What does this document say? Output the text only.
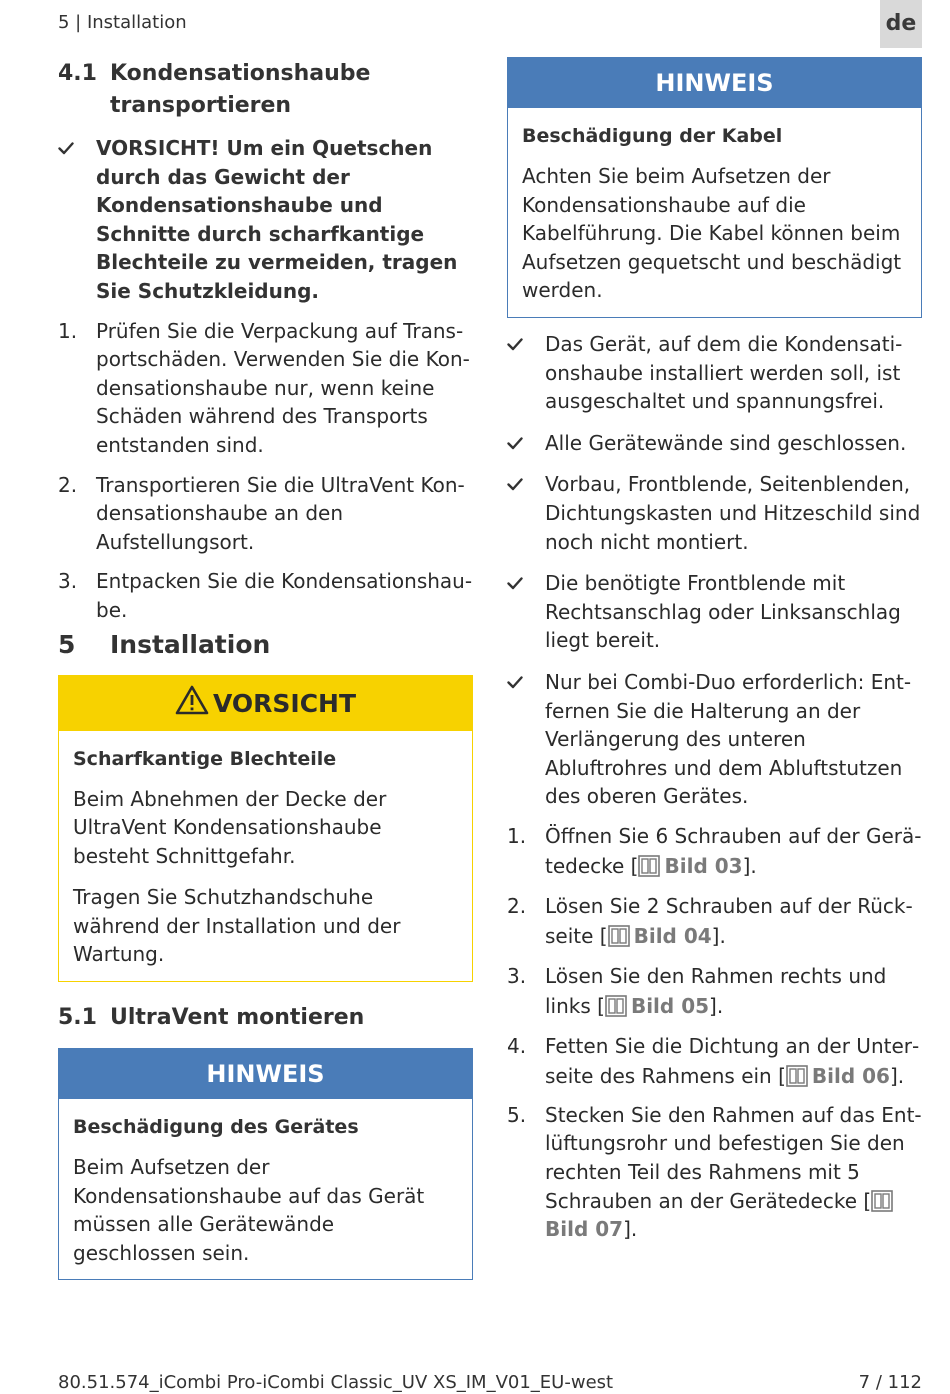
5 | Installation	de
4.1 Kondensationshaube transportieren
VORSICHT! Um ein Quetschen durch das Gewicht der Kondensationshaube und Schnitte durch scharfkantige Blechteile zu vermeiden, tragen Sie Schutzkleidung.
1. Prüfen Sie die Verpackung auf Transportschäden. Verwenden Sie die Kondensationshaube nur, wenn keine Schäden während des Transports entstanden sind.
2. Transportieren Sie die UltraVent Kondensationshaube an den Aufstellungsort.
3. Entpacken Sie die Kondensationshaube.
5	Installation
VORSICHT
Scharfkantige Blechteile
Beim Abnehmen der Decke der UltraVent Kondensationshaube besteht Schnittgefahr.
Tragen Sie Schutzhandschuhe während der Installation und der Wartung.
5.1 UltraVent montieren
HINWEIS
Beschädigung des Gerätes
Beim Aufsetzen der Kondensationshaube auf das Gerät müssen alle Gerätewände geschlossen sein.
HINWEIS
Beschädigung der Kabel
Achten Sie beim Aufsetzen der Kondensationshaube auf die Kabelführung. Die Kabel können beim Aufsetzen gequetscht und beschädigt werden.
Das Gerät, auf dem die Kondensationshaube installiert werden soll, ist ausgeschaltet und spannungsfrei.
Alle Gerätewände sind geschlossen.
Vorbau, Frontblende, Seitenblenden, Dichtungskasten und Hitzeschild sind noch nicht montiert.
Die benötigte Frontblende mit Rechtsanschlag oder Linksanschlag liegt bereit.
Nur bei Combi-Duo erforderlich: Entfernen Sie die Halterung an der Verlängerung des unteren Abluftrohres und dem Abluftstutzen des oberen Gerätes.
1. Öffnen Sie 6 Schrauben auf der Gerätedecke [ Bild 03].
2. Lösen Sie 2 Schrauben auf der Rückseite [ Bild 04].
3. Lösen Sie den Rahmen rechts und links [ Bild 05].
4. Fetten Sie die Dichtung an der Unterseite des Rahmens ein [ Bild 06].
5. Stecken Sie den Rahmen auf das Entlüftungsrohr und befestigen Sie den rechten Teil des Rahmens mit 5 Schrauben an der Gerätedecke [Bild 07].
80.51.574_iCombi Pro-iCombi Classic_UV XS_IM_V01_EU-west	7 / 112
